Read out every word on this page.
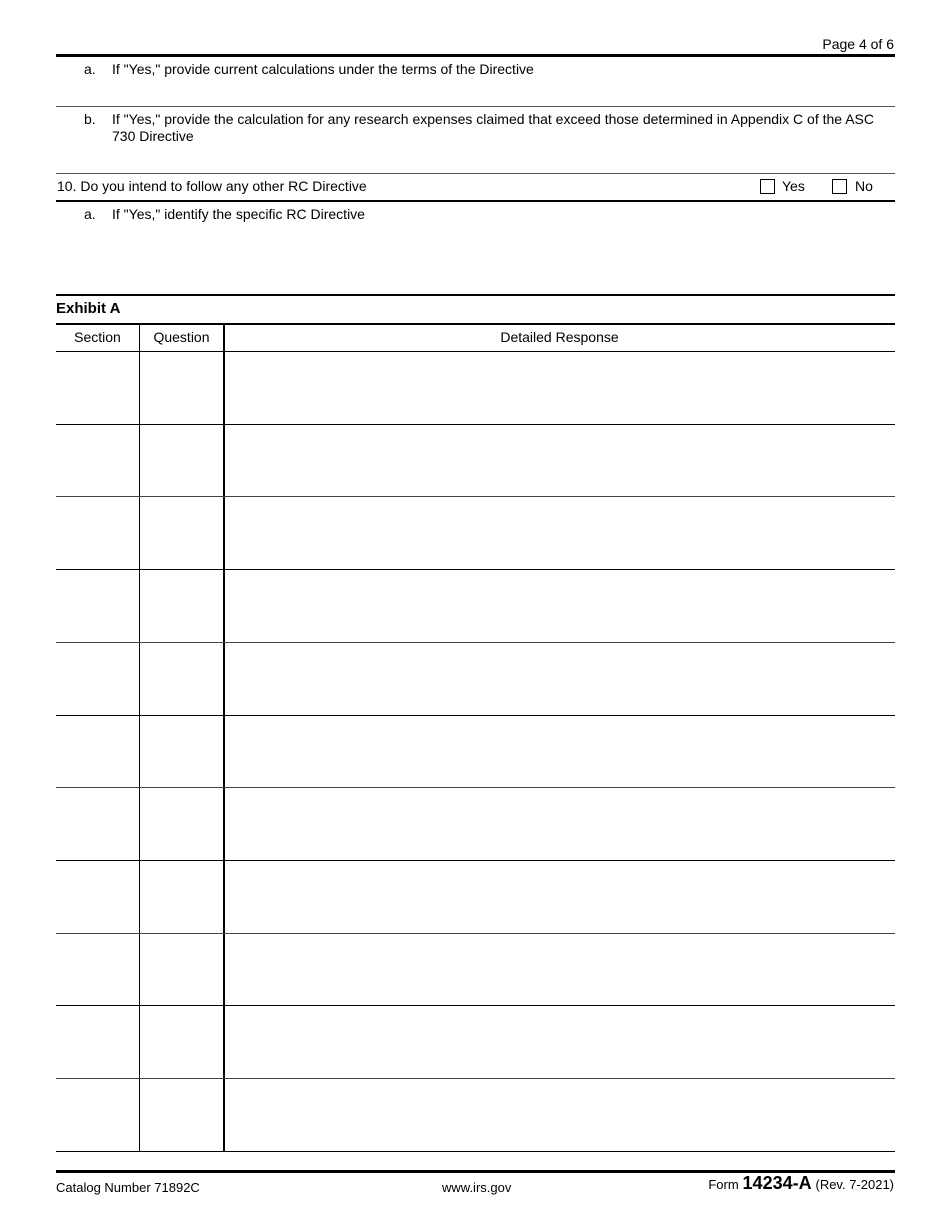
Page 4 of 6
a. If "Yes," provide current calculations under the terms of the Directive
b. If "Yes," provide the calculation for any research expenses claimed that exceed those determined in Appendix C of the ASC
730 Directive
10. Do you intend to follow any other RC Directive	Yes	No
a. If "Yes," identify the specific RC Directive
Exhibit A
Section	Question	Detailed Response
Catalog Number 71892C	www.irs.gov	Form 14234-A (Rev. 7-2021)
